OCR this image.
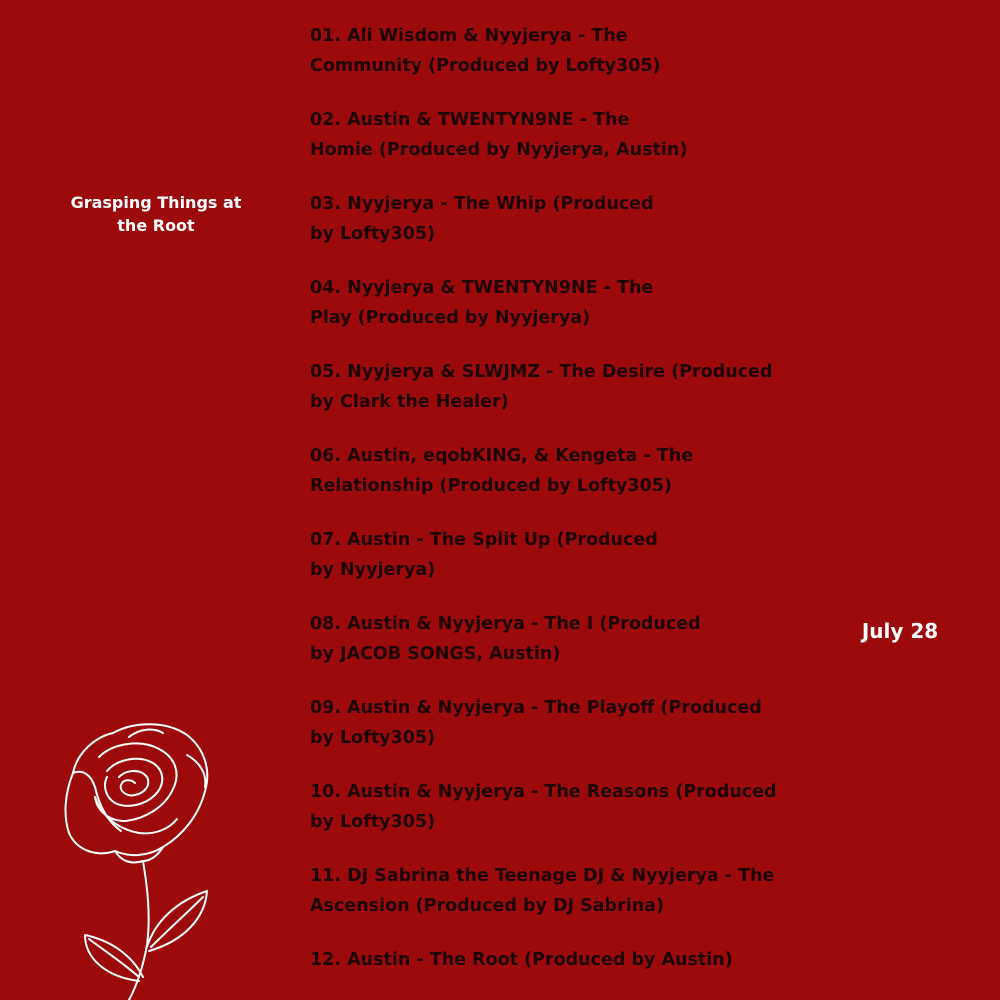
Grasping Things at
the Root
01. Ali Wisdom & Nyyjerya - The
Community (Produced by Lofty305)
02. Austin & TWENTYN9NE - The
Homie (Produced by Nyyjerya, Austin)
03. Nyyjerya - The Whip (Produced
by Lofty305)
04. Nyyjerya & TWENTYN9NE - The
Play (Produced by Nyyjerya)
05. Nyyjerya & SLWJMZ - The Desire (Produced
by Clark the Healer)
06. Austin, eqobKING, & Kengeta - The
Relationship (Produced by Lofty305)
07. Austin - The Split Up (Produced
by Nyyjerya)
08. Austin & Nyyjerya - The I (Produced
by JACOB SONGS, Austin)
09. Austin & Nyyjerya - The Playoff (Produced
by Lofty305)
10. Austin & Nyyjerya - The Reasons (Produced
by Lofty305)
11. DJ Sabrina the Teenage DJ & Nyyjerya - The
Ascension (Produced by DJ Sabrina)
12. Austin - The Root (Produced by Austin)
July 28
